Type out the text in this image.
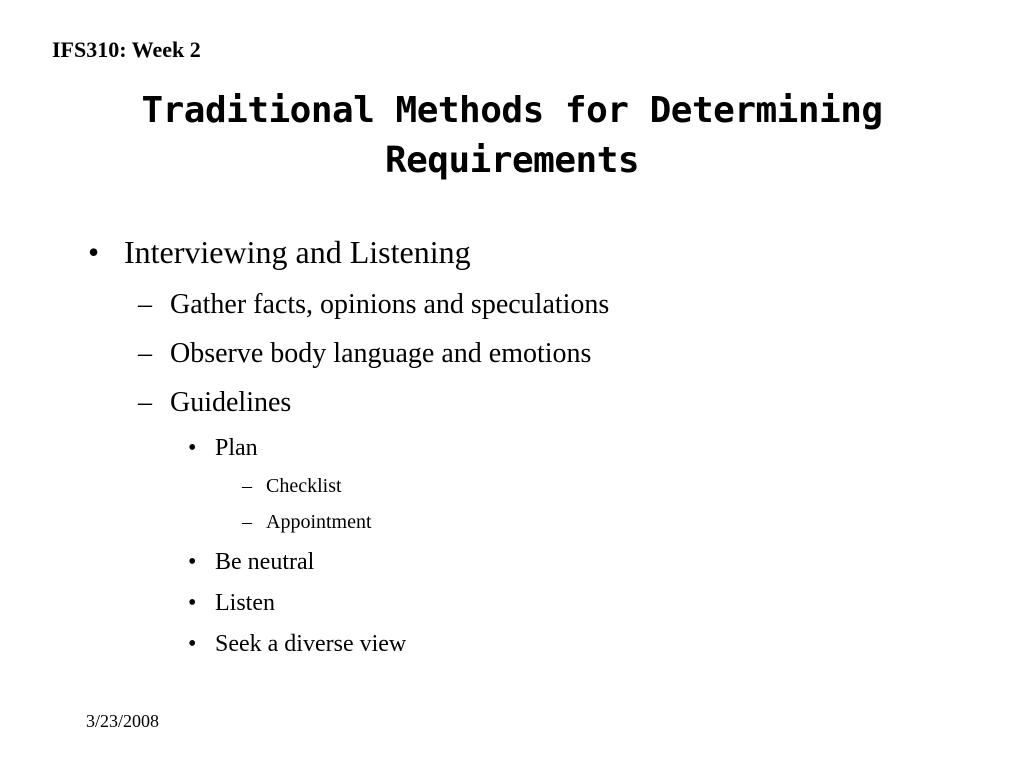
IFS310: Week 2
Traditional Methods for Determining
Requirements
• Interviewing and Listening
– Gather facts, opinions and speculations
– Observe body language and emotions
– Guidelines
• Plan
– Checklist
– Appointment
• Be neutral
• Listen
• Seek a diverse view
3/23/2008
